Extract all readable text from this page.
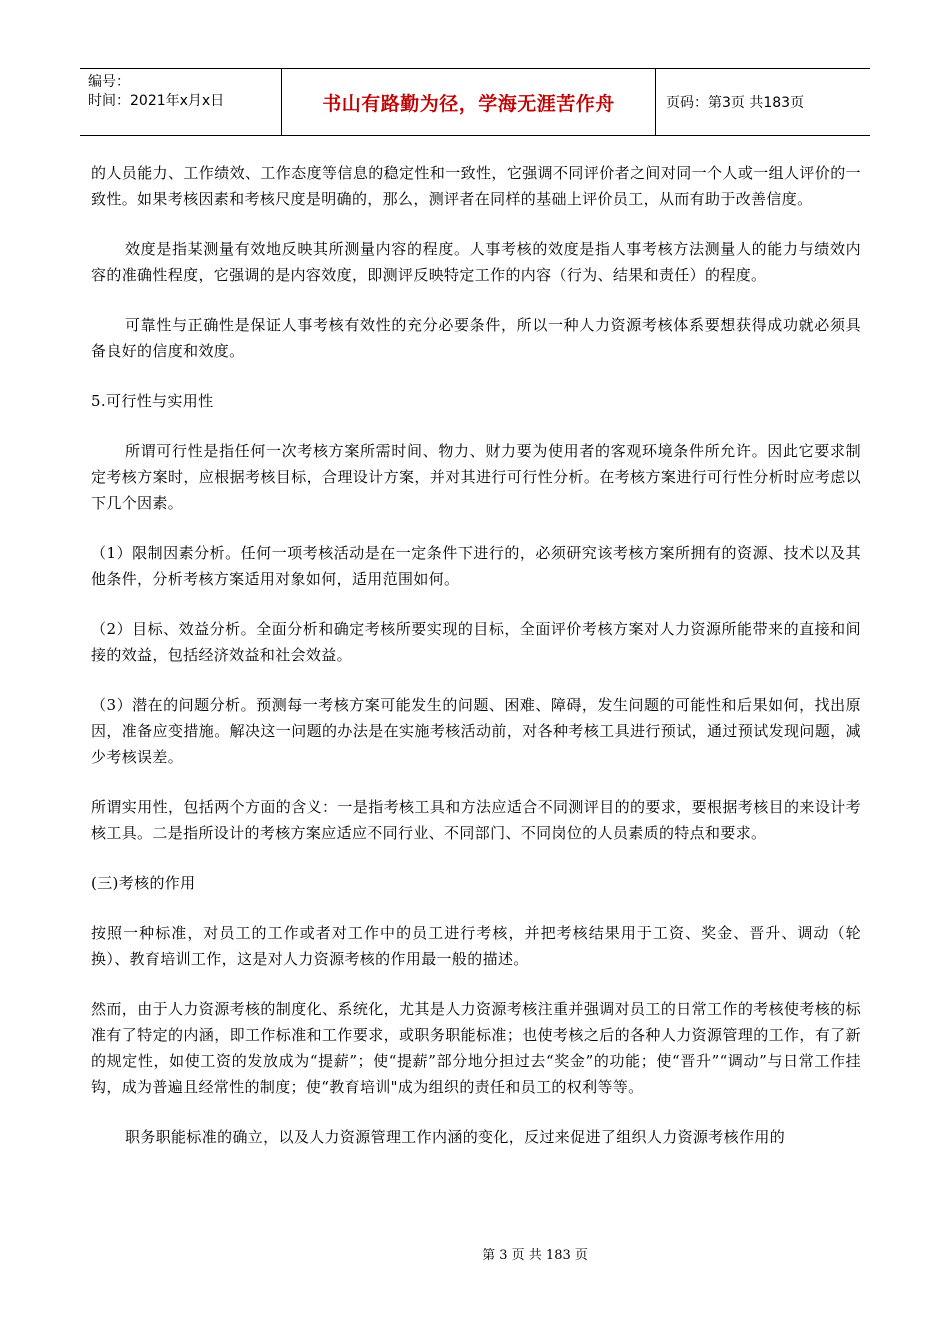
编号：
时间：2021年x月x日	书山有路勤为径，学海无涯苦作舟	页码：第3页 共183页

的人员能力、工作绩效、工作态度等信息的稳定性和一致性，它强调不同评价者之间对同一个人或一组人评价的一致性。如果考核因素和考核尺度是明确的，那么，测评者在同样的基础上评价员工，从而有助于改善信度。

效度是指某测量有效地反映其所测量内容的程度。人事考核的效度是指人事考核方法测量人的能力与绩效内容的准确性程度，它强调的是内容效度，即测评反映特定工作的内容（行为、结果和责任）的程度。

可靠性与正确性是保证人事考核有效性的充分必要条件，所以一种人力资源考核体系要想获得成功就必须具备良好的信度和效度。

5.可行性与实用性

所谓可行性是指任何一次考核方案所需时间、物力、财力要为使用者的客观环境条件所允许。因此它要求制定考核方案时，应根据考核目标，合理设计方案，并对其进行可行性分析。在考核方案进行可行性分析时应考虑以下几个因素。

（1）限制因素分析。任何一项考核活动是在一定条件下进行的，必须研究该考核方案所拥有的资源、技术以及其他条件，分析考核方案适用对象如何，适用范围如何。

（2）目标、效益分析。全面分析和确定考核所要实现的目标，全面评价考核方案对人力资源所能带来的直接和间接的效益，包括经济效益和社会效益。

（3）潜在的问题分析。预测每一考核方案可能发生的问题、困难、障碍，发生问题的可能性和后果如何，找出原因，准备应变措施。解决这一问题的办法是在实施考核活动前，对各种考核工具进行预试，通过预试发现问题，减少考核误差。

所谓实用性，包括两个方面的含义：一是指考核工具和方法应适合不同测评目的的要求，要根据考核目的来设计考核工具。二是指所设计的考核方案应适应不同行业、不同部门、不同岗位的人员素质的特点和要求。

(三)考核的作用

按照一种标准，对员工的工作或者对工作中的员工进行考核，并把考核结果用于工资、奖金、晋升、调动（轮换）、教育培训工作，这是对人力资源考核的作用最一般的描述。

然而，由于人力资源考核的制度化、系统化，尤其是人力资源考核注重并强调对员工的日常工作的考核使考核的标准有了特定的内涵，即工作标准和工作要求，或职务职能标准；也使考核之后的各种人力资源管理的工作，有了新的规定性，如使工资的发放成为“提薪”；使“提薪”部分地分担过去“奖金”的功能；使“晋升”“调动”与日常工作挂钩，成为普遍且经常性的制度；使“教育培训"成为组织的责任和员工的权利等等。

职务职能标准的确立，以及人力资源管理工作内涵的变化，反过来促进了组织人力资源考核作用的

第 3 页 共 183 页
